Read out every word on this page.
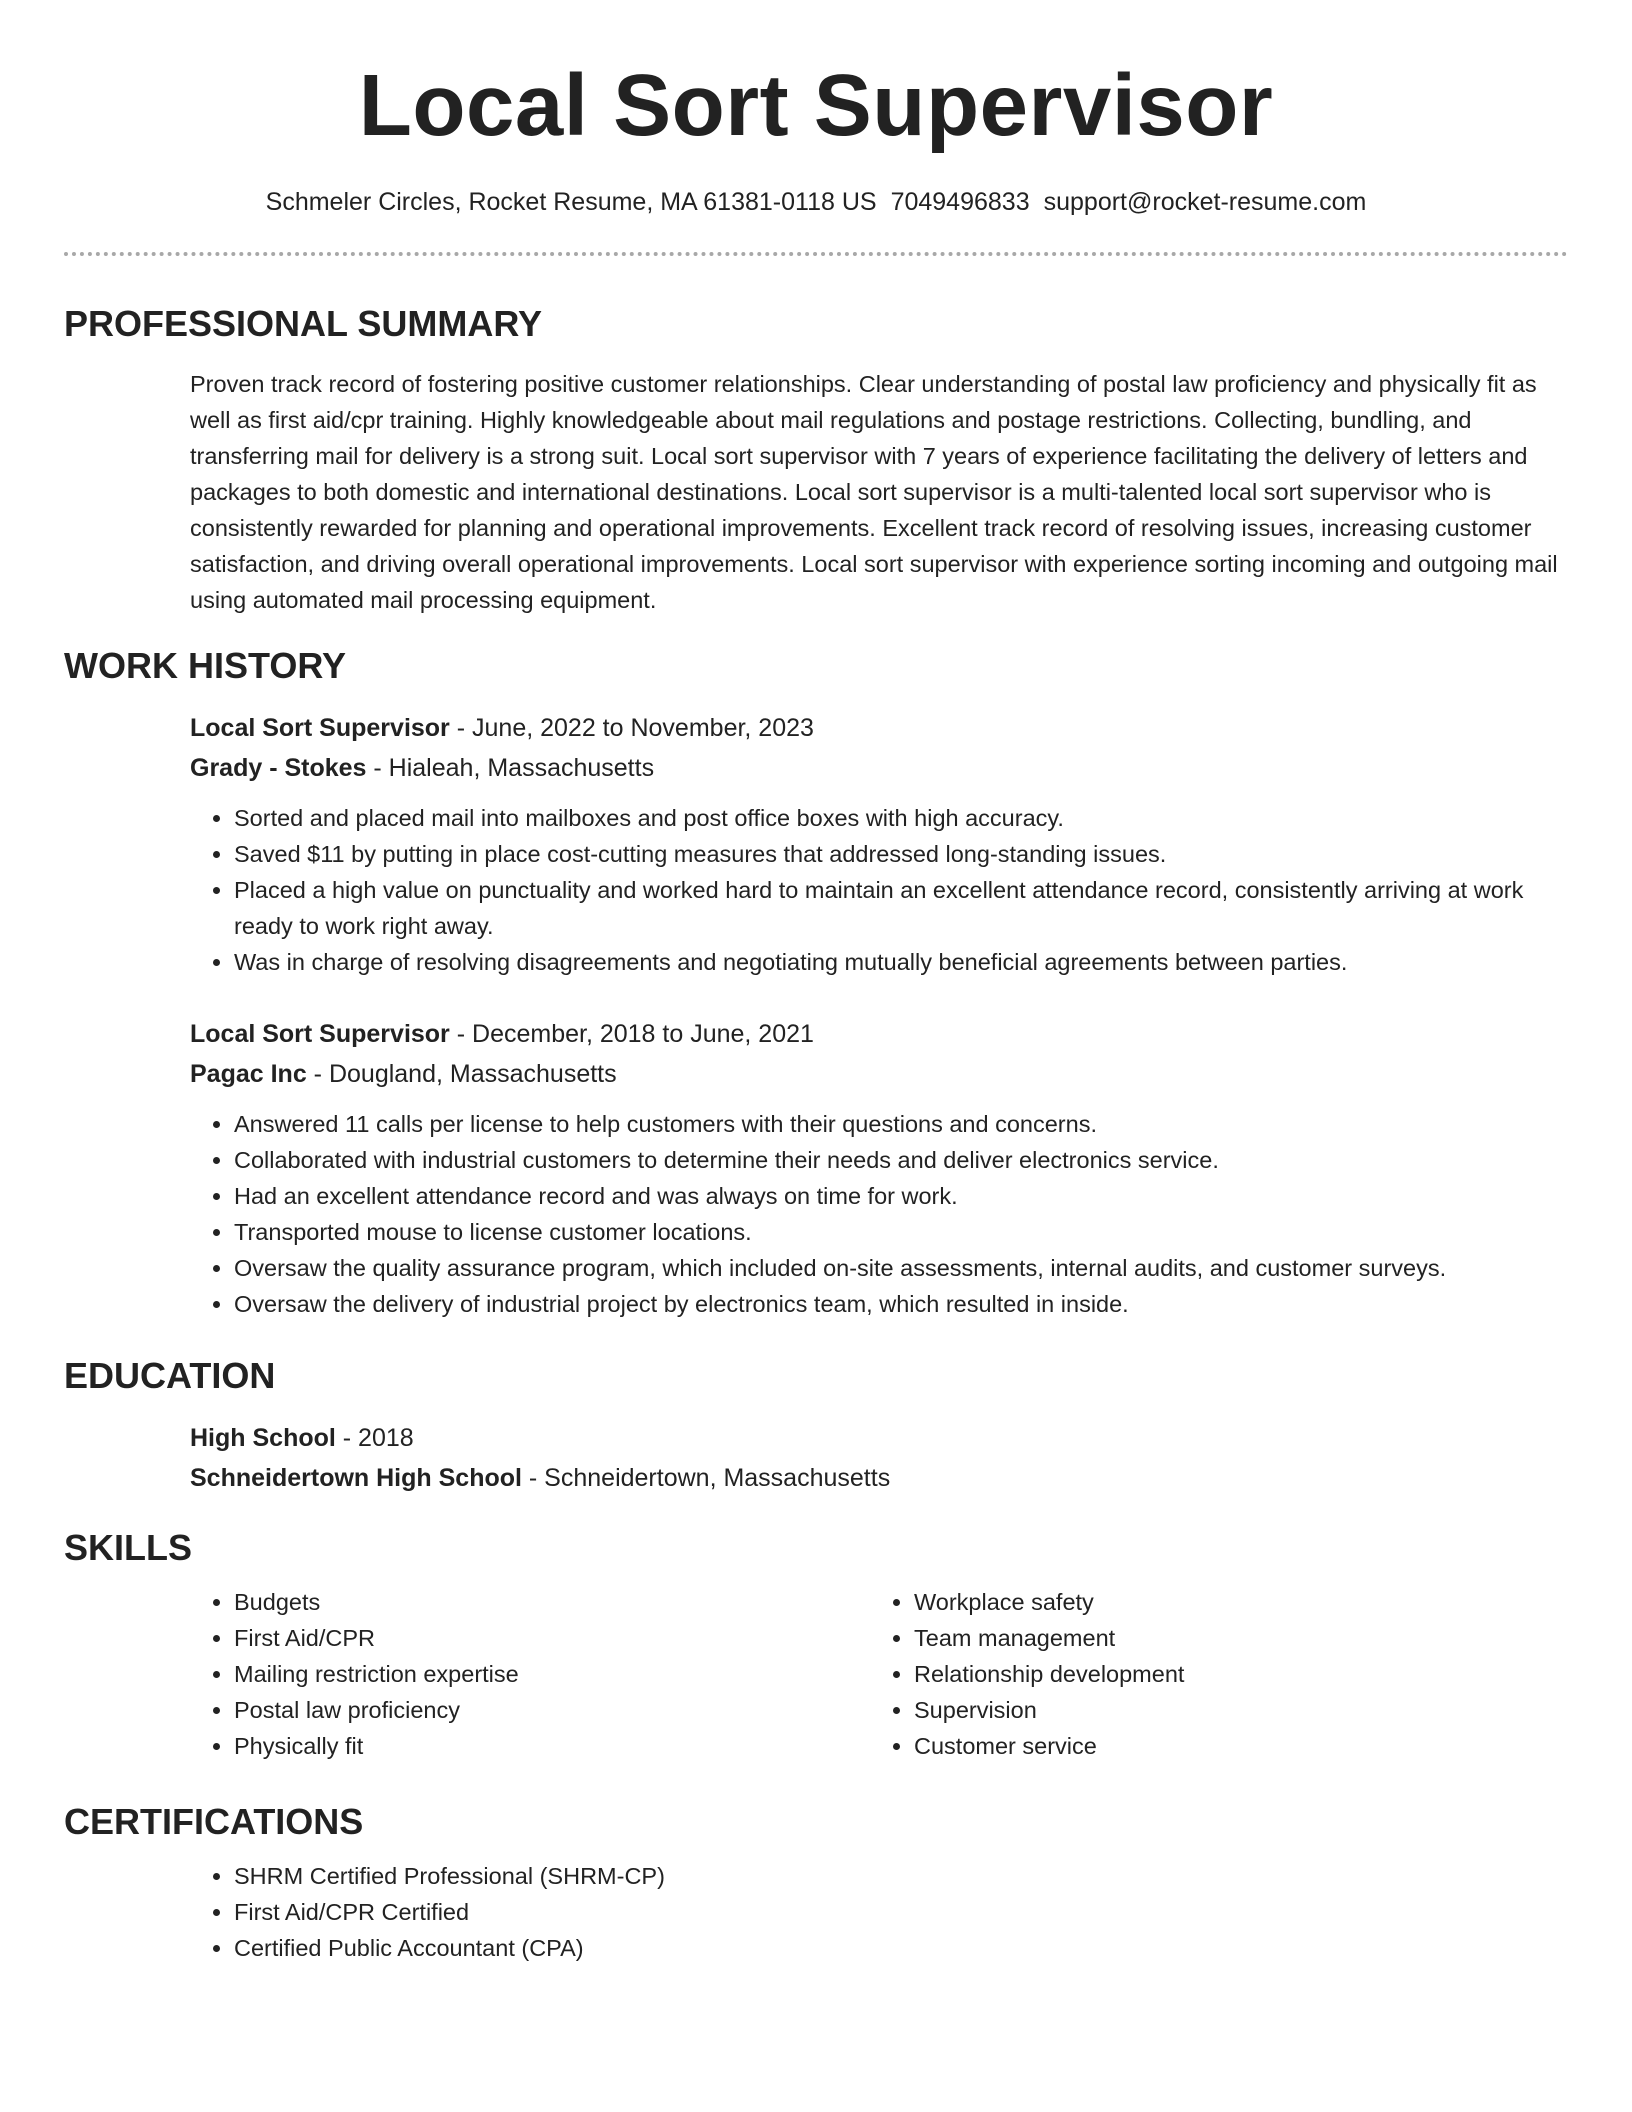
Local Sort Supervisor
Schmeler Circles, Rocket Resume, MA 61381-0118 US 7049496833 support@rocket-resume.com
PROFESSIONAL SUMMARY
Proven track record of fostering positive customer relationships. Clear understanding of postal law proficiency and physically fit as well as first aid/cpr training. Highly knowledgeable about mail regulations and postage restrictions. Collecting, bundling, and transferring mail for delivery is a strong suit. Local sort supervisor with 7 years of experience facilitating the delivery of letters and packages to both domestic and international destinations. Local sort supervisor is a multi-talented local sort supervisor who is consistently rewarded for planning and operational improvements. Excellent track record of resolving issues, increasing customer satisfaction, and driving overall operational improvements. Local sort supervisor with experience sorting incoming and outgoing mail using automated mail processing equipment.
WORK HISTORY
Local Sort Supervisor - June, 2022 to November, 2023
Grady - Stokes - Hialeah, Massachusetts
• Sorted and placed mail into mailboxes and post office boxes with high accuracy.
• Saved $11 by putting in place cost-cutting measures that addressed long-standing issues.
• Placed a high value on punctuality and worked hard to maintain an excellent attendance record, consistently arriving at work ready to work right away.
• Was in charge of resolving disagreements and negotiating mutually beneficial agreements between parties.
Local Sort Supervisor - December, 2018 to June, 2021
Pagac Inc - Dougland, Massachusetts
• Answered 11 calls per license to help customers with their questions and concerns.
• Collaborated with industrial customers to determine their needs and deliver electronics service.
• Had an excellent attendance record and was always on time for work.
• Transported mouse to license customer locations.
• Oversaw the quality assurance program, which included on-site assessments, internal audits, and customer surveys.
• Oversaw the delivery of industrial project by electronics team, which resulted in inside.
EDUCATION
High School - 2018
Schneidertown High School - Schneidertown, Massachusetts
SKILLS
• Budgets
• First Aid/CPR
• Mailing restriction expertise
• Postal law proficiency
• Physically fit
• Workplace safety
• Team management
• Relationship development
• Supervision
• Customer service
CERTIFICATIONS
• SHRM Certified Professional (SHRM-CP)
• First Aid/CPR Certified
• Certified Public Accountant (CPA)
